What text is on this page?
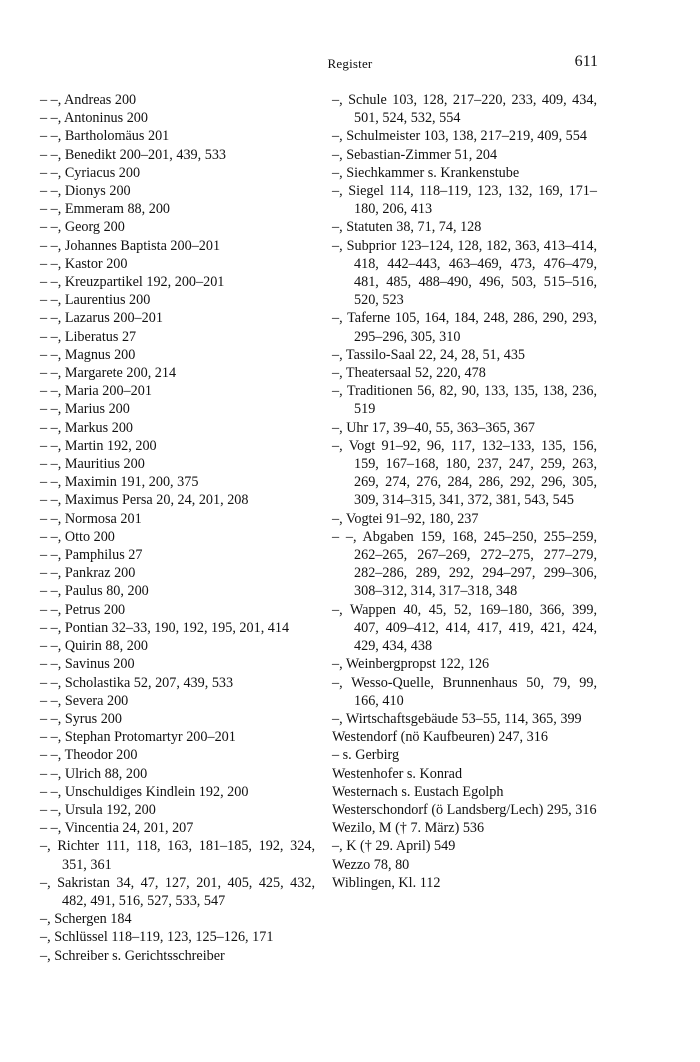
Register	611

– –, Andreas 200

– –, Antoninus 200

– –, Bartholomäus 201

– –, Benedikt 200–201, 439, 533

– –, Cyriacus 200

– –, Dionys 200

– –, Emmeram 88, 200

– –, Georg 200

– –, Johannes Baptista 200–201

– –, Kastor 200

– –, Kreuzpartikel 192, 200–201

– –, Laurentius 200

– –, Lazarus 200–201

– –, Liberatus 27

– –, Magnus 200

– –, Margarete 200, 214

– –, Maria 200–201

– –, Marius 200

– –, Markus 200

– –, Martin 192, 200

– –, Mauritius 200

– –, Maximin 191, 200, 375

– –, Maximus Persa 20, 24, 201, 208

– –, Normosa 201

– –, Otto 200

– –, Pamphilus 27

– –, Pankraz 200

– –, Paulus 80, 200

– –, Petrus 200

– –, Pontian 32–33, 190, 192, 195, 201, 414

– –, Quirin 88, 200

– –, Savinus 200

– –, Scholastika 52, 207, 439, 533

– –, Severa 200

– –, Syrus 200

– –, Stephan Protomartyr 200–201

– –, Theodor 200

– –, Ulrich 88, 200

– –, Unschuldiges Kindlein 192, 200

– –, Ursula 192, 200

– –, Vincentia 24, 201, 207

–, Richter 111, 118, 163, 181–185, 192, 324, 351, 361

–, Sakristan 34, 47, 127, 201, 405, 425, 432, 482, 491, 516, 527, 533, 547

–, Schergen 184

–, Schlüssel 118–119, 123, 125–126, 171

–, Schreiber s. Gerichtsschreiber

–, Schule 103, 128, 217–220, 233, 409, 434, 501, 524, 532, 554

–, Schulmeister 103, 138, 217–219, 409, 554

–, Sebastian-Zimmer 51, 204

–, Siechkammer s. Krankenstube

–, Siegel 114, 118–119, 123, 132, 169, 171–180, 206, 413

–, Statuten 38, 71, 74, 128

–, Subprior 123–124, 128, 182, 363, 413–414, 418, 442–443, 463–469, 473, 476–479, 481, 485, 488–490, 496, 503, 515–516, 520, 523

–, Taferne 105, 164, 184, 248, 286, 290, 293, 295–296, 305, 310

–, Tassilo-Saal 22, 24, 28, 51, 435

–, Theatersaal 52, 220, 478

–, Traditionen 56, 82, 90, 133, 135, 138, 236, 519

–, Uhr 17, 39–40, 55, 363–365, 367

–, Vogt 91–92, 96, 117, 132–133, 135, 156, 159, 167–168, 180, 237, 247, 259, 263, 269, 274, 276, 284, 286, 292, 296, 305, 309, 314–315, 341, 372, 381, 543, 545

–, Vogtei 91–92, 180, 237

– –, Abgaben 159, 168, 245–250, 255–259, 262–265, 267–269, 272–275, 277–279, 282–286, 289, 292, 294–297, 299–306, 308–312, 314, 317–318, 348

–, Wappen 40, 45, 52, 169–180, 366, 399, 407, 409–412, 414, 417, 419, 421, 424, 429, 434, 438

–, Weinbergpropst 122, 126

–, Wesso-Quelle, Brunnenhaus 50, 79, 99, 166, 410

–, Wirtschaftsgebäude 53–55, 114, 365, 399

Westendorf (nö Kaufbeuren) 247, 316

– s. Gerbirg

Westenhofer s. Konrad

Westernach s. Eustach Egolph

Westerschondorf (ö Landsberg/Lech) 295, 316

Wezilo, M († 7. März) 536

–, K († 29. April) 549

Wezzo 78, 80

Wiblingen, Kl. 112
